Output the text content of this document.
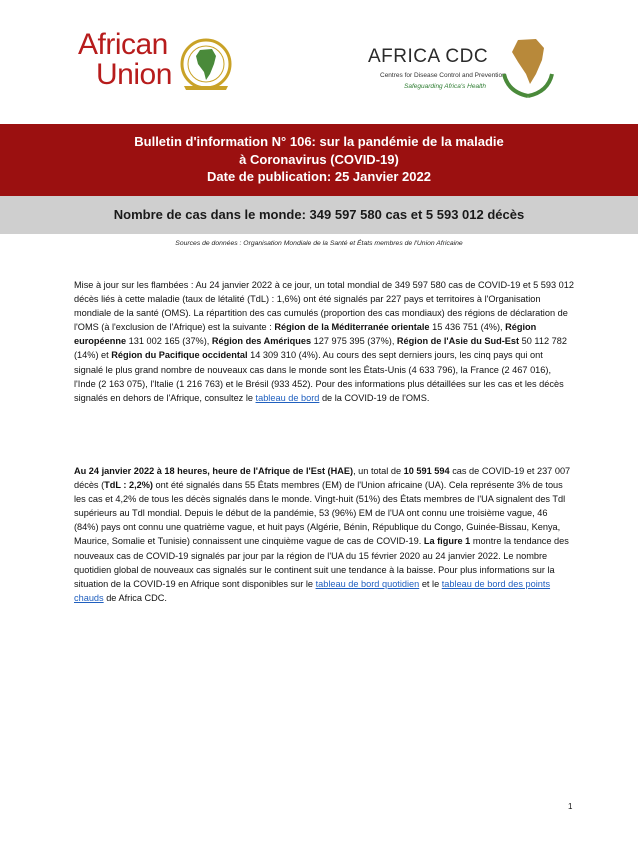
African
Union
AFRICA CDC
Centres for Disease Control and Prevention
Safeguarding Africa's Health
Bulletin d'information N° 106: sur la pandémie de la maladie
à Coronavirus (COVID-19)
Date de publication: 25 Janvier 2022
Nombre de cas dans le monde: 349 597 580 cas et 5 593 012 décès
Sources de données : Organisation Mondiale de la Santé et États membres de l'Union Africaine
Mise à jour sur les flambées : Au 24 janvier 2022 à ce jour, un total mondial de 349 597 580 cas de COVID-19 et 5 593 012 décès liés à cette maladie (taux de létalité (TdL) : 1,6%) ont été signalés par 227 pays et territoires à l'Organisation mondiale de la santé (OMS). La répartition des cas cumulés (proportion des cas mondiaux) des régions de déclaration de l'OMS (à l'exclusion de l'Afrique) est la suivante : Région de la Méditerranée orientale 15 436 751 (4%), Région européenne 131 002 165 (37%), Région des Amériques 127 975 395 (37%), Région de l'Asie du Sud-Est 50 112 782 (14%) et Région du Pacifique occidental 14 309 310 (4%). Au cours des sept derniers jours, les cinq pays qui ont signalé le plus grand nombre de nouveaux cas dans le monde sont les États-Unis (4 633 796), la France (2 467 016), l'Inde (2 163 075), l'Italie (1 216 763) et le Brésil (933 452). Pour des informations plus détaillées sur les cas et les décès signalés en dehors de l'Afrique, consultez le tableau de bord de la COVID-19 de l'OMS.
Au 24 janvier 2022 à 18 heures, heure de l'Afrique de l'Est (HAE), un total de 10 591 594 cas de COVID-19 et 237 007 décès (TdL : 2,2%) ont été signalés dans 55 États membres (EM) de l'Union africaine (UA). Cela représente 3% de tous les cas et 4,2% de tous les décès signalés dans le monde. Vingt-huit (51%) des États membres de l'UA signalent des Tdl supérieurs au Tdl mondial. Depuis le début de la pandémie, 53 (96%) EM de l'UA ont connu une troisième vague, 46 (84%) pays ont connu une quatrième vague, et huit pays (Algérie, Bénin, République du Congo, Guinée-Bissau, Kenya, Maurice, Somalie et Tunisie) connaissent une cinquième vague de cas de COVID-19. La figure 1 montre la tendance des nouveaux cas de COVID-19 signalés par jour par la région de l'UA du 15 février 2020 au 24 janvier 2022. Le nombre quotidien global de nouveaux cas signalés sur le continent suit une tendance à la baisse. Pour plus informations sur la situation de la COVID-19 en Afrique sont disponibles sur le tableau de bord quotidien et le tableau de bord des points chauds de Africa CDC.
1
